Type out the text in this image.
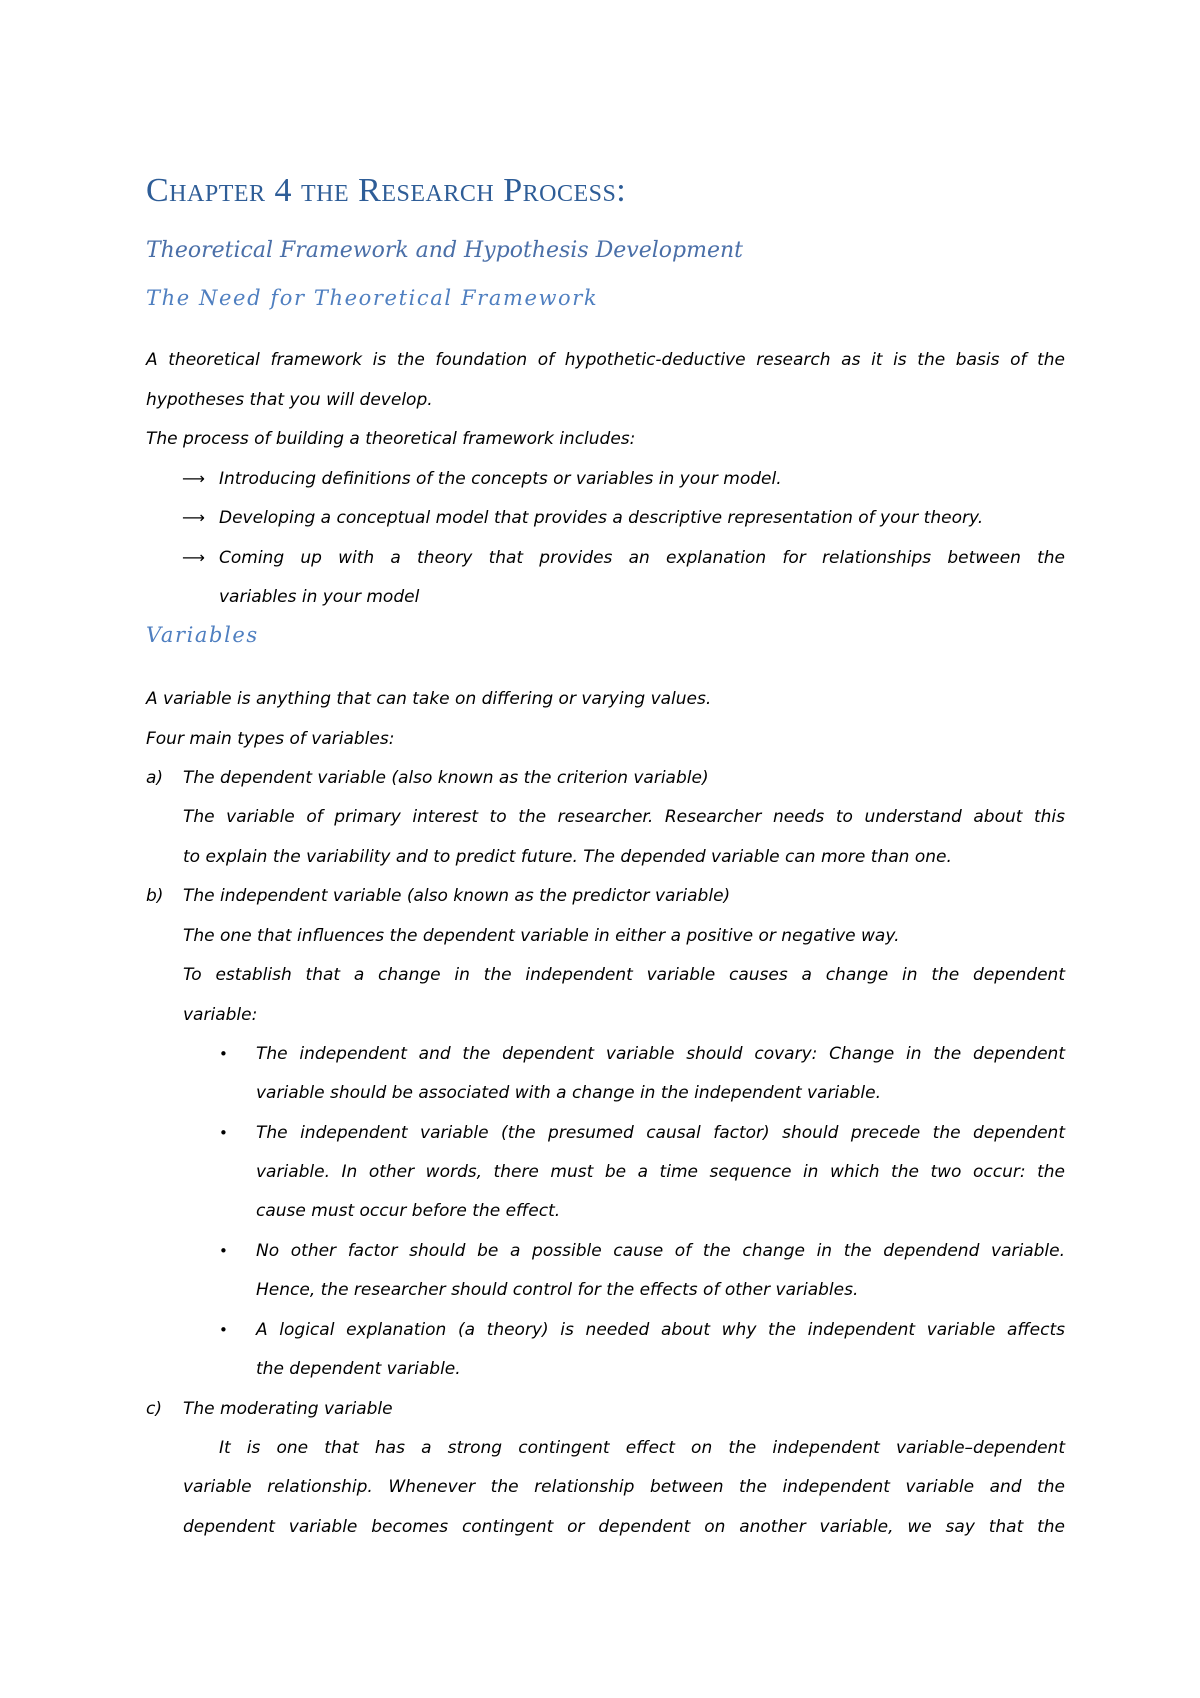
Chapter 4 the Research Process:
Theoretical Framework and Hypothesis Development
The Need for Theoretical Framework
Variables
A theoretical framework is the foundation of hypothetic-deductive research as it is the basis of the
hypotheses that you will develop.
The process of building a theoretical framework includes:
⟶ Introducing definitions of the concepts or variables in your model.
⟶ Developing a conceptual model that provides a descriptive representation of your theory.
⟶ Coming up with a theory that provides an explanation for relationships between the
variables in your model
A variable is anything that can take on differing or varying values.
Four main types of variables:
a) The dependent variable (also known as the criterion variable)
The variable of primary interest to the researcher. Researcher needs to understand about this
to explain the variability and to predict future. The depended variable can more than one.
b) The independent variable (also known as the predictor variable)
The one that influences the dependent variable in either a positive or negative way.
To establish that a change in the independent variable causes a change in the dependent
variable:
• The independent and the dependent variable should covary: Change in the dependent
variable should be associated with a change in the independent variable.
• The independent variable (the presumed causal factor) should precede the dependent
variable. In other words, there must be a time sequence in which the two occur: the
cause must occur before the effect.
• No other factor should be a possible cause of the change in the dependend variable.
Hence, the researcher should control for the effects of other variables.
• A logical explanation (a theory) is needed about why the independent variable affects
the dependent variable.
c) The moderating variable
It is one that has a strong contingent effect on the independent variable–dependent
variable relationship. Whenever the relationship between the independent variable and the
dependent variable becomes contingent or dependent on another variable, we say that the
